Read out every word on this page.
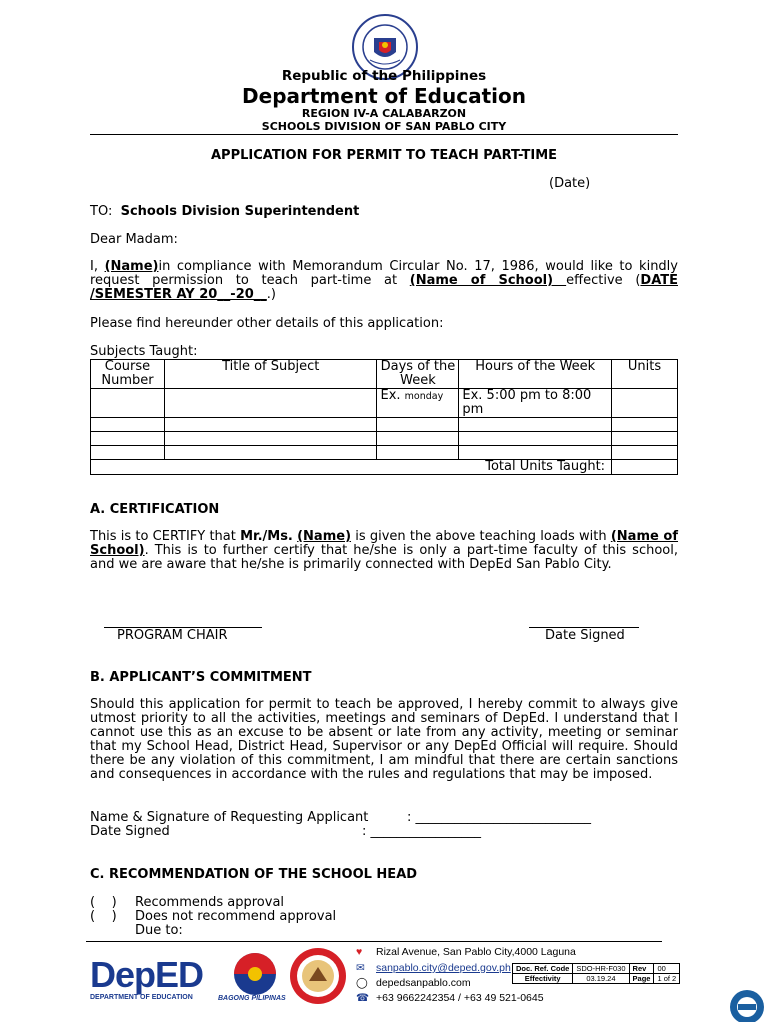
Republic of the Philippines
Department of Education
REGION IV-A CALABARZON
SCHOOLS DIVISION OF SAN PABLO CITY
APPLICATION FOR PERMIT TO TEACH PART-TIME
(Date)
TO: Schools Division Superintendent
Dear Madam:
I, (Name)in compliance with Memorandum Circular No. 17, 1986, would like to kindly request permission to teach part-time at (Name of School) effective (DATE /SEMESTER AY 20__-20__.)
Please find hereunder other details of this application:
Subjects Taught:
Course Number	Title of Subject	Days of the Week	Hours of the Week	Units
		Ex. monday	Ex. 5:00 pm to 8:00 pm	

Total Units Taught:				
A. CERTIFICATION
This is to CERTIFY that Mr./Ms. (Name) is given the above teaching loads with (Name of School). This is to further certify that he/she is only a part-time faculty of this school, and we are aware that he/she is primarily connected with DepEd San Pablo City.
PROGRAM CHAIR	Date Signed
B. APPLICANT’S COMMITMENT
Should this application for permit to teach be approved, I hereby commit to always give utmost priority to all the activities, meetings and seminars of DepEd. I understand that I cannot use this as an excuse to be absent or late from any activity, meeting or seminar that my School Head, District Head, Supervisor or any DepEd Official will require. Should there be any violation of this commitment, I am mindful that there are certain sanctions and consequences in accordance with the rules and regulations that may be imposed.
Name & Signature of Requesting Applicant	: ___________________________
Date Signed	: _________________
C. RECOMMENDATION OF THE SCHOOL HEAD
(    ) Recommends approval
(    ) Does not recommend approval
Due to:
DepED
DEPARTMENT OF EDUCATION	BAGONG PILIPINAS
♥ Rizal Avenue, San Pablo City,4000 Laguna
✉ sanpablo.city@deped.gov.ph
◯ depedsanpablo.com
☎ +63 9662242354 / +63 49 521-0645
Doc. Ref. Code	SDO-HR-F030	Rev	00
Effectivity	03.19.24	Page	1 of 2
